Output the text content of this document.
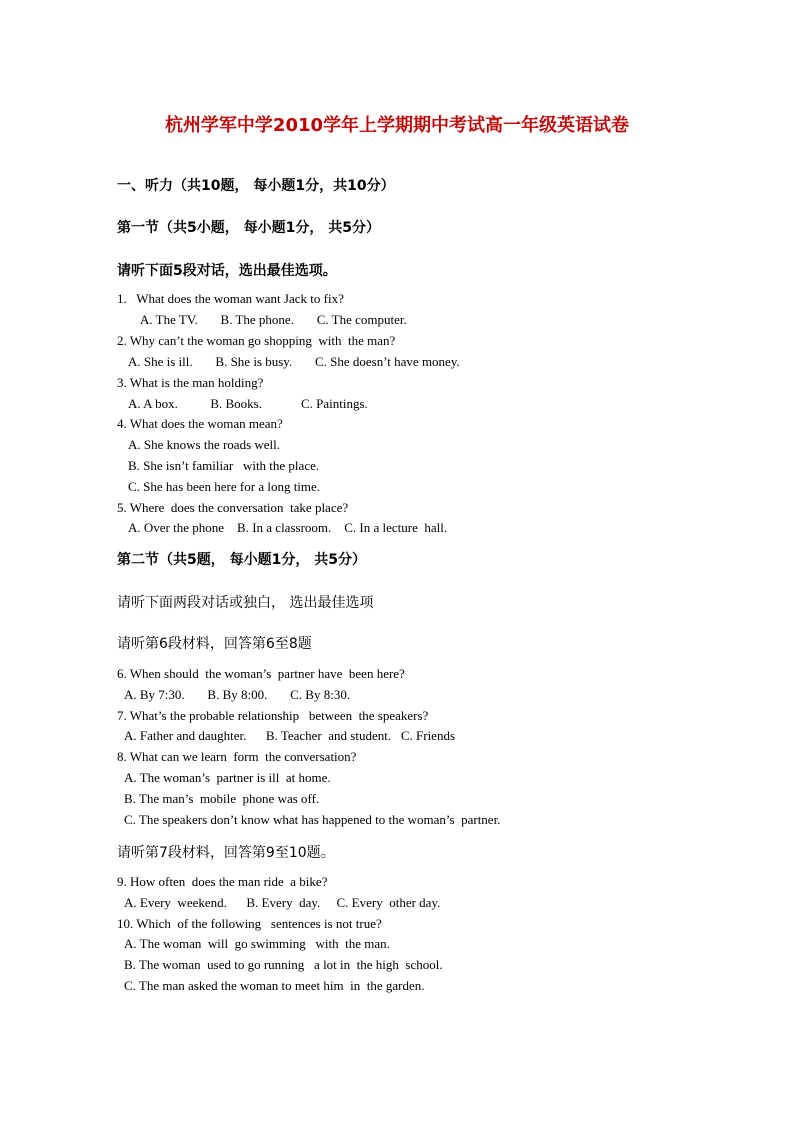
杭州学军中学2010学年上学期期中考试高一年级英语试卷
一、听力（共10题， 每小题1分，共10分）
第一节（共5小题， 每小题1分， 共5分）
请听下面5段对话，选出最佳选项。
1.   What does the woman want Jack to fix?
A. The TV.       B. The phone.       C. The computer.
2. Why can’t the woman go shopping  with  the man?
A. She is ill.       B. She is busy.       C. She doesn’t have money.
3. What is the man holding?
A. A box.          B. Books.            C. Paintings.
4. What does the woman mean?
A. She knows the roads well.
B. She isn’t familiar   with the place.
C. She has been here for a long time.
5. Where  does the conversation  take place?
A. Over the phone    B. In a classroom.    C. In a lecture  hall.
第二节（共5题， 每小题1分， 共5分）
请听下面两段对话或独白， 选出最佳选项
请听第6段材料，回答第6至8题
6. When should  the woman’s  partner have  been here?
A. By 7:30.       B. By 8:00.       C. By 8:30.
7. What’s the probable relationship   between  the speakers?
A. Father and daughter.      B. Teacher  and student.   C. Friends
8. What can we learn  form  the conversation?
A. The woman’s  partner is ill  at home.
B. The man’s  mobile  phone was off.
C. The speakers don’t know what has happened to the woman’s  partner.
请听第7段材料，回答第9至10题。
9. How often  does the man ride  a bike?
A. Every  weekend.      B. Every  day.     C. Every  other day.
10. Which  of the following   sentences is not true?
A. The woman  will  go swimming   with  the man.
B. The woman  used to go running   a lot in  the high  school.
C. The man asked the woman to meet him  in  the garden.
